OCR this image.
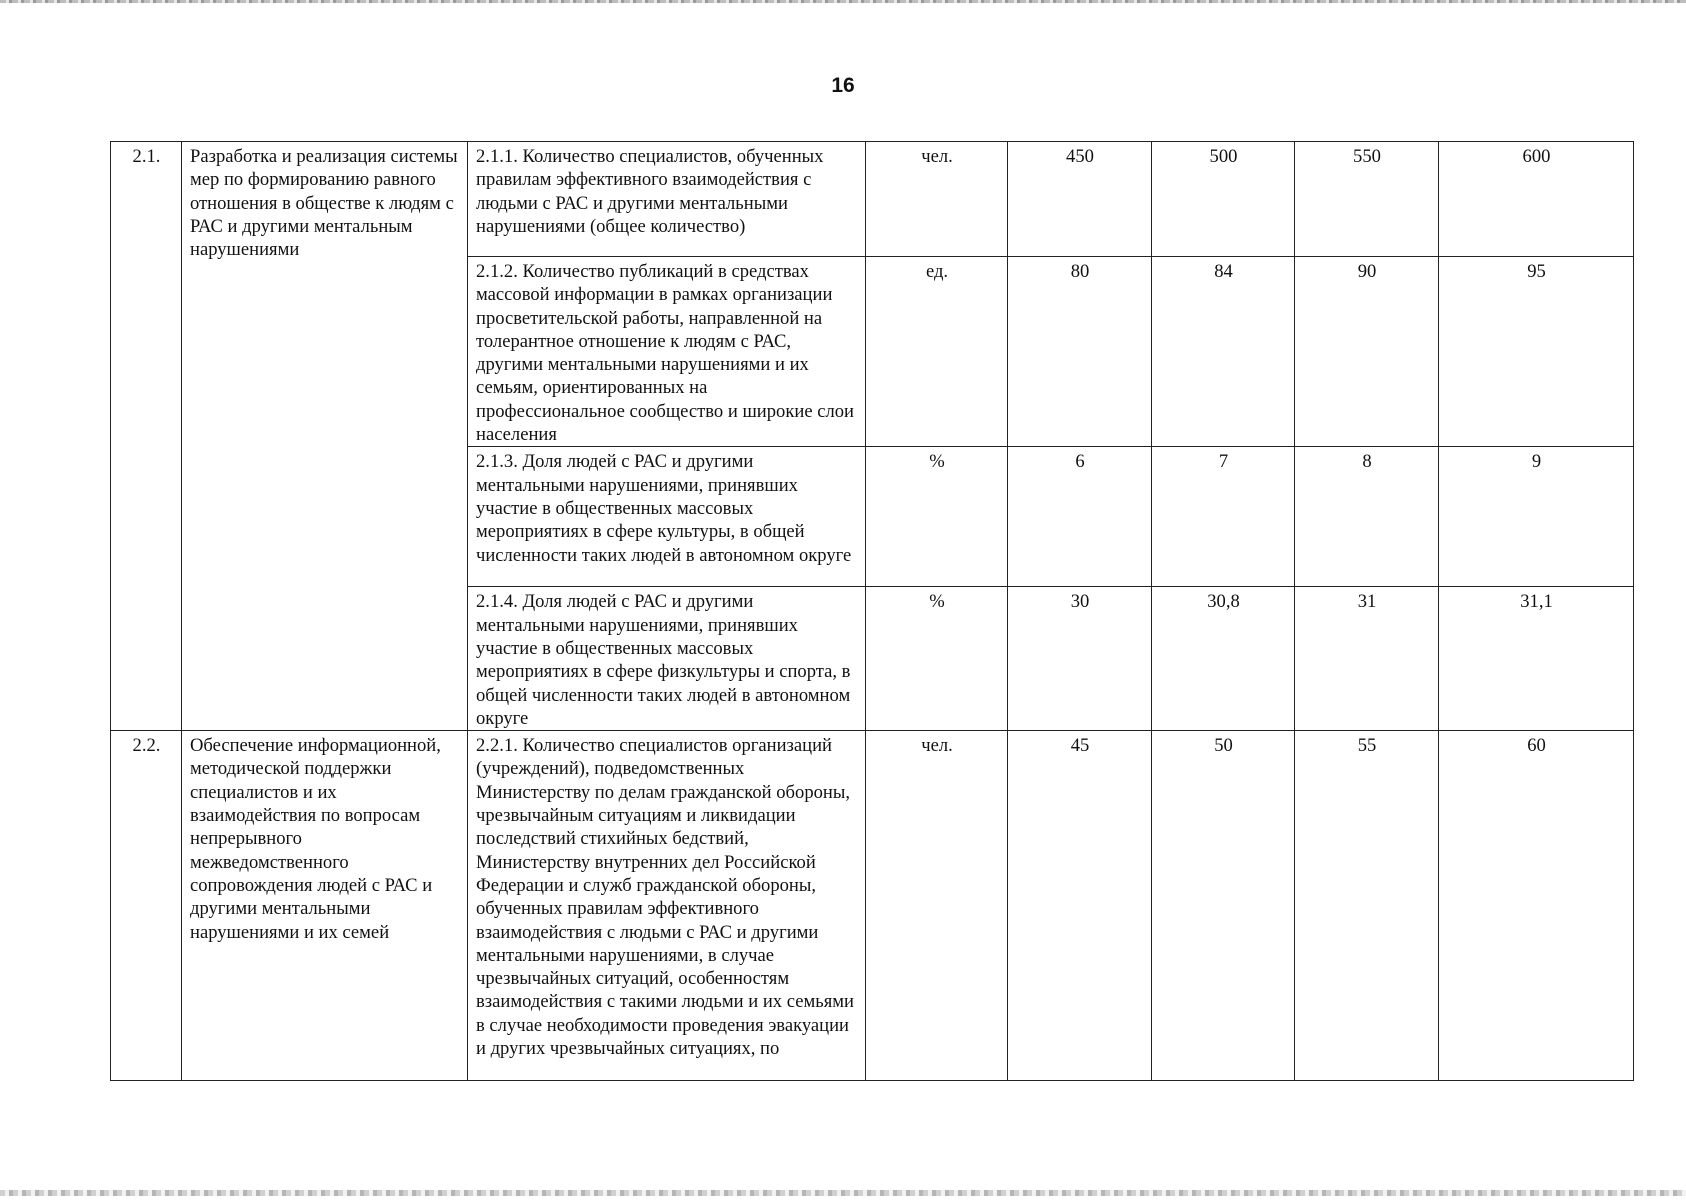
16
2.1.	Разработка и реализация системы мер по формированию равного отношения в обществе к людям с РАС и другими ментальным нарушениями	2.1.1. Количество специалистов, обученных правилам эффективного взаимодействия с людьми с РАС и другими ментальными нарушениями (общее количество)	чел.	450	500	550	600
		2.1.2. Количество публикаций в средствах массовой информации в рамках организации просветительской работы, направленной на толерантное отношение к людям с РАС, другими ментальными нарушениями и их семьям, ориентированных на профессиональное сообщество и широкие слои населения	ед.	80	84	90	95
		2.1.3. Доля людей с РАС и другими ментальными нарушениями, принявших участие в общественных массовых мероприятиях в сфере культуры, в общей численности таких людей в автономном округе	%	6	7	8	9
		2.1.4. Доля людей с РАС и другими ментальными нарушениями, принявших участие в общественных массовых мероприятиях в сфере физкультуры и спорта, в общей численности таких людей в автономном округе	%	30	30,8	31	31,1
2.2.	Обеспечение информационной, методической поддержки специалистов и их взаимодействия по вопросам непрерывного межведомственного сопровождения людей с РАС и другими ментальными нарушениями и их семей	2.2.1. Количество специалистов организаций (учреждений), подведомственных Министерству по делам гражданской обороны, чрезвычайным ситуациям и ликвидации последствий стихийных бедствий, Министерству внутренних дел Российской Федерации и служб гражданской обороны, обученных правилам эффективного взаимодействия с людьми с РАС и другими ментальными нарушениями, в случае чрезвычайных ситуаций, особенностям взаимодействия с такими людьми и их семьями в случае необходимости проведения эвакуации и других чрезвычайных ситуациях, по	чел.	45	50	55	60
